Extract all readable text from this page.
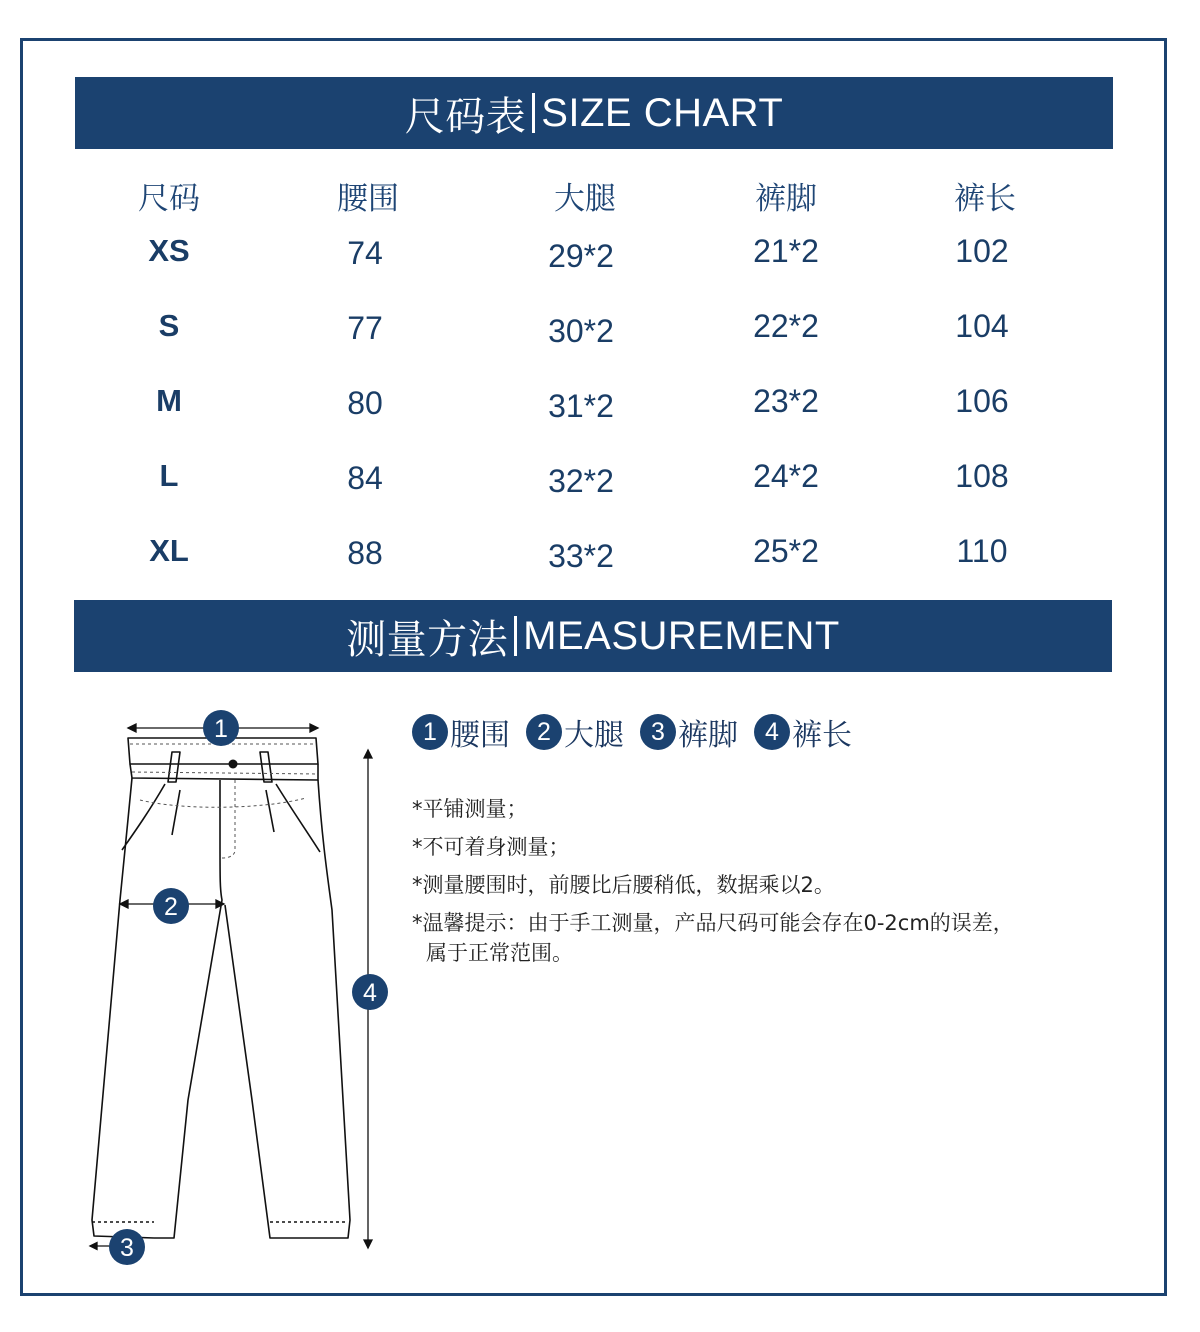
尺码表 SIZE CHART
尺码	腰围	大腿	裤脚	裤长
XS	74	29*2	21*2	102
S	77	30*2	22*2	104
M	80	31*2	23*2	106
L	84	32*2	24*2	108
XL	88	33*2	25*2	110
测量方法 MEASUREMENT
1
2
3
4
1 腰围	2 大腿	3 裤脚	4 裤长
*平铺测量；
*不可着身测量；
*测量腰围时，前腰比后腰稍低，数据乘以2。
*温馨提示：由于手工测量，产品尺码可能会存在0-2cm的误差，
属于正常范围。
